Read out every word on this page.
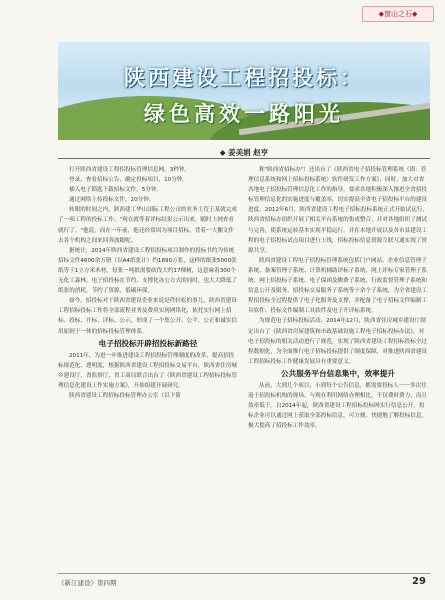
◆窗山之石◆
陕西建设工程招投标：
绿色高效一路阳光
◆ 姜美娟 赵亨

打开陕西省建设工程招投标管理信息网，3秒钟。

登录，查看招标公告，确定投标项目，10分钟。

插入电子锁匙下载招标文件，5分钟。

通过网络上传投标文件，20分钟。

转眼的时间之内，陕西建工华山国际工程公司的业务主管王某就完成了一项工程的投标工作。"现在就等着评标结果公示出来，随时上网查看就行了。"他说，而在一年前，他还经常因为项目招标，背着一大摞文件去各个机构之间来回奔波跑呢。

据统计，2014年陕西省建设工程招投标项目制作的投标书约为传统招标文件4600余万册（以A4纸张计）约1890万张，这样的纸张5000张纸等于1立方米木材，每张一吨纸需要砍伐大约17棵树，这意味着300个无化工森林，电子招投标在节约、支撑化办公方式的同时，也大大降低了纸张的消耗，节约了资源，低碳环保。

如今，招投标对于陕西省建设企业来说是件轻松的事儿，陕西省建设工程招标投标工作将全部流程业务及费用实现网络化，依托实行网上招标、投标、开标、评标、公示，形成了一个集公开、公平、公正和诚实信用原则于一体的招标投标管理体系。

电子招投标开辟招投标新路径

2011年，为进一步推进建设工程招投标管理制度的改革，提高招投标规范化、透明度，根据陕西省建设工程招投标交易平台，陕西省住房城乡建设厅，省监察厅，省工商局联合出台了《陕西省建设工程招标投标管理信息化建设工作实施方案》，开始组建开展研究。

陕西省建设工程招标投标管理办公室（以下简

称"陕西省招标办"）还出台了《陕西省电子招投标管理系统（即：管理信息系统和网上招标投标系统）软件研发工作方案》，同时，加大对省各地电子招投标管理信息化工作的指导，要求各地积极深入推进全省招投标管理信息化的实施进度与覆盖率，切实提高全省电子招投标平台的建设进度。2012年6月，陕西省建设工程电子招标投标系统正式开始试运行，陕西省招标办组织开展了相关平台系统的集成整合，并对各地组织了测试与完善，使系统运转基本实现平稳运行，并在本地开展以及各市县建设工程的电子招投标试点项目进行上线，招标投标信息资源互联互通实现了资源共享。

陕西省建设工程电子招投标管理系统包括门户网站、企业信息管理子系统、备案管理子系统、计算机辅助评标子系统、网上评标专家管理子系统、网上招投标子系统、电子保函及缴费子系统、行政监督管理子系统和信息公开及服务、招投标交易服务子系统等十余个子系统，为全省建设工程招投标全过程提供了电子化服务及支撑，并配备了电子招标文件编制工具软件、投标文件编制工具软件及电子开评标系统。

为规范电子招标投标活动，2014年12月，陕西省住房城乡建设厅制定出台了《陕西省房屋建筑和市政基础设施工程电子招标投标办法》，对电子招投标的相关活动进行了规范，实现了陕西省建设工程招标投标全过程数据化，为全面推行电子招标投标提供了制度保障，对推进陕西省建设工程招标投标工作健康发展具有重要意义。

公共服务平台信息集中，效率提升

从前，大到几个项目，小到每个公告信息，都需要投标人一一多次往返于招投标机构的现场，与现在利用网络办理相比，不仅费时费力，而且效率低下。自2014年起，陕西省建设工程招标投标网实行信息公开，投标企业可以通过网上获取全部投标信息，可方便、快捷地了解投标信息，极大提高了招投标工作效率。

《新江建设》第四期	29
